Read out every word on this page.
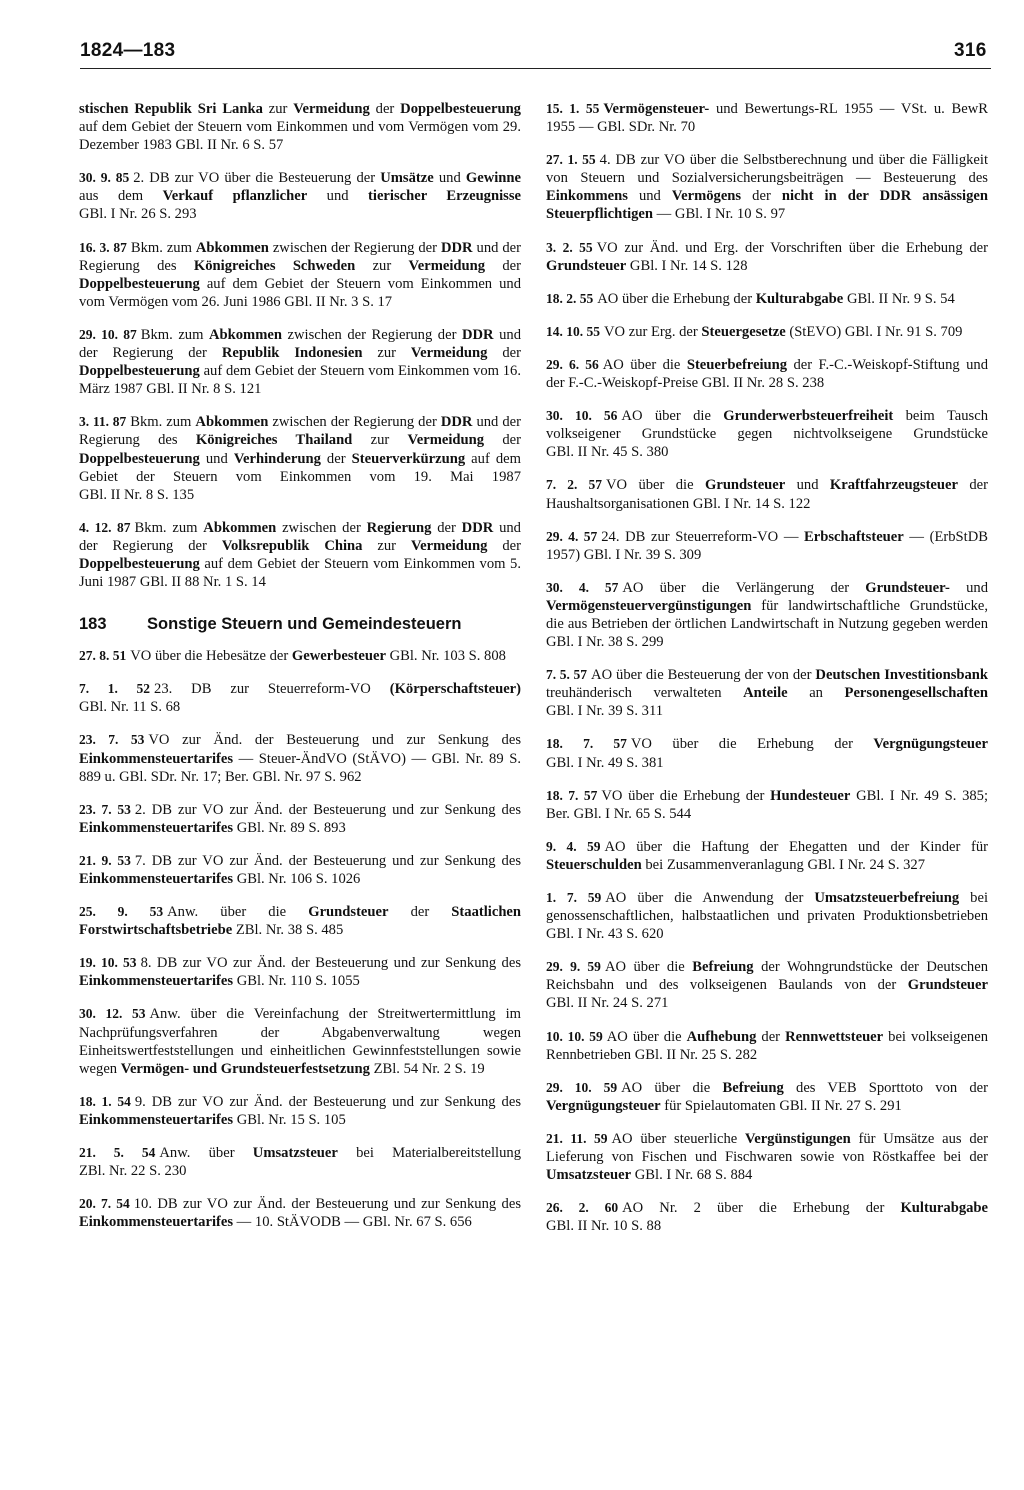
1824—183	316

stischen Republik Sri Lanka zur Vermeidung der Doppelbesteuerung auf dem Gebiet der Steuern vom Einkommen und vom Vermögen vom 29. Dezember 1983 GBl. II Nr. 6 S. 57

30. 9. 85 2. DB zur VO über die Besteuerung der Umsätze und Gewinne aus dem Verkauf pflanzlicher und tierischer Erzeugnisse GBl. I Nr. 26 S. 293

16. 3. 87 Bkm. zum Abkommen zwischen der Regierung der DDR und der Regierung des Königreiches Schweden zur Vermeidung der Doppelbesteuerung auf dem Gebiet der Steuern vom Einkommen und vom Vermögen vom 26. Juni 1986 GBl. II Nr. 3 S. 17

29. 10. 87 Bkm. zum Abkommen zwischen der Regierung der DDR und der Regierung der Republik Indonesien zur Vermeidung der Doppelbesteuerung auf dem Gebiet der Steuern vom Einkommen vom 16. März 1987 GBl. II Nr. 8 S. 121

3. 11. 87 Bkm. zum Abkommen zwischen der Regierung der DDR und der Regierung des Königreiches Thailand zur Vermeidung der Doppelbesteuerung und Verhinderung der Steuerverkürzung auf dem Gebiet der Steuern vom Einkommen vom 19. Mai 1987 GBl. II Nr. 8 S. 135

4. 12. 87 Bkm. zum Abkommen zwischen der Regierung der DDR und der Regierung der Volksrepublik China zur Vermeidung der Doppelbesteuerung auf dem Gebiet der Steuern vom Einkommen vom 5. Juni 1987 GBl. II 88 Nr. 1 S. 14

183 Sonstige Steuern und Gemeindesteuern

27. 8. 51 VO über die Hebesätze der Gewerbesteuer GBl. Nr. 103 S. 808

7. 1. 52 23. DB zur Steuerreform-VO (Körperschaftsteuer) GBl. Nr. 11 S. 68

23. 7. 53 VO zur Änd. der Besteuerung und zur Senkung des Einkommensteuertarifes — Steuer-ÄndVO (StÄVO) — GBl. Nr. 89 S. 889 u. GBl. SDr. Nr. 17; Ber. GBl. Nr. 97 S. 962

23. 7. 53 2. DB zur VO zur Änd. der Besteuerung und zur Senkung des Einkommensteuertarifes GBl. Nr. 89 S. 893

21. 9. 53 7. DB zur VO zur Änd. der Besteuerung und zur Senkung des Einkommensteuertarifes GBl. Nr. 106 S. 1026

25. 9. 53 Anw. über die Grundsteuer der Staatlichen Forstwirtschaftsbetriebe ZBl. Nr. 38 S. 485

19. 10. 53 8. DB zur VO zur Änd. der Besteuerung und zur Senkung des Einkommensteuertarifes GBl. Nr. 110 S. 1055

30. 12. 53 Anw. über die Vereinfachung der Streitwertermittlung im Nachprüfungsverfahren der Abgabenverwaltung wegen Einheitswertfeststellungen und einheitlichen Gewinnfeststellungen sowie wegen Vermögen- und Grundsteuerfestsetzung ZBl. 54 Nr. 2 S. 19

18. 1. 54 9. DB zur VO zur Änd. der Besteuerung und zur Senkung des Einkommensteuertarifes GBl. Nr. 15 S. 105

21. 5. 54 Anw. über Umsatzsteuer bei Materialbereitstellung ZBl. Nr. 22 S. 230

20. 7. 54 10. DB zur VO zur Änd. der Besteuerung und zur Senkung des Einkommensteuertarifes — 10. StÄVODB — GBl. Nr. 67 S. 656

15. 1. 55 Vermögensteuer- und Bewertungs-RL 1955 — VSt. u. BewR 1955 — GBl. SDr. Nr. 70

27. 1. 55 4. DB zur VO über die Selbstberechnung und über die Fälligkeit von Steuern und Sozialversicherungsbeiträgen — Besteuerung des Einkommens und Vermögens der nicht in der DDR ansässigen Steuerpflichtigen — GBl. I Nr. 10 S. 97

3. 2. 55 VO zur Änd. und Erg. der Vorschriften über die Erhebung der Grundsteuer GBl. I Nr. 14 S. 128

18. 2. 55 AO über die Erhebung der Kulturabgabe GBl. II Nr. 9 S. 54

14. 10. 55 VO zur Erg. der Steuergesetze (StEVO) GBl. I Nr. 91 S. 709

29. 6. 56 AO über die Steuerbefreiung der F.-C.-Weiskopf-Stiftung und der F.-C.-Weiskopf-Preise GBl. II Nr. 28 S. 238

30. 10. 56 AO über die Grunderwerbsteuerfreiheit beim Tausch volkseigener Grundstücke gegen nichtvolkseigene Grundstücke GBl. II Nr. 45 S. 380

7. 2. 57 VO über die Grundsteuer und Kraftfahrzeugsteuer der Haushaltsorganisationen GBl. I Nr. 14 S. 122

29. 4. 57 24. DB zur Steuerreform-VO — Erbschaftsteuer — (ErbStDB 1957) GBl. I Nr. 39 S. 309

30. 4. 57 AO über die Verlängerung der Grundsteuer- und Vermögensteuervergünstigungen für landwirtschaftliche Grundstücke, die aus Betrieben der örtlichen Landwirtschaft in Nutzung gegeben werden GBl. I Nr. 38 S. 299

7. 5. 57 AO über die Besteuerung der von der Deutschen Investitionsbank treuhänderisch verwalteten Anteile an Personengesellschaften GBl. I Nr. 39 S. 311

18. 7. 57 VO über die Erhebung der Vergnügungsteuer GBl. I Nr. 49 S. 381

18. 7. 57 VO über die Erhebung der Hundesteuer GBl. I Nr. 49 S. 385; Ber. GBl. I Nr. 65 S. 544

9. 4. 59 AO über die Haftung der Ehegatten und der Kinder für Steuerschulden bei Zusammenveranlagung GBl. I Nr. 24 S. 327

1. 7. 59 AO über die Anwendung der Umsatzsteuerbefreiung bei genossenschaftlichen, halbstaatlichen und privaten Produktionsbetrieben GBl. I Nr. 43 S. 620

29. 9. 59 AO über die Befreiung der Wohngrundstücke der Deutschen Reichsbahn und des volkseigenen Baulands von der Grundsteuer GBl. II Nr. 24 S. 271

10. 10. 59 AO über die Aufhebung der Rennwettsteuer bei volkseigenen Rennbetrieben GBl. II Nr. 25 S. 282

29. 10. 59 AO über die Befreiung des VEB Sporttoto von der Vergnügungsteuer für Spielautomaten GBl. II Nr. 27 S. 291

21. 11. 59 AO über steuerliche Vergünstigungen für Umsätze aus der Lieferung von Fischen und Fischwaren sowie von Röstkaffee bei der Umsatzsteuer GBl. I Nr. 68 S. 884

26. 2. 60 AO Nr. 2 über die Erhebung der Kulturabgabe GBl. II Nr. 10 S. 88
